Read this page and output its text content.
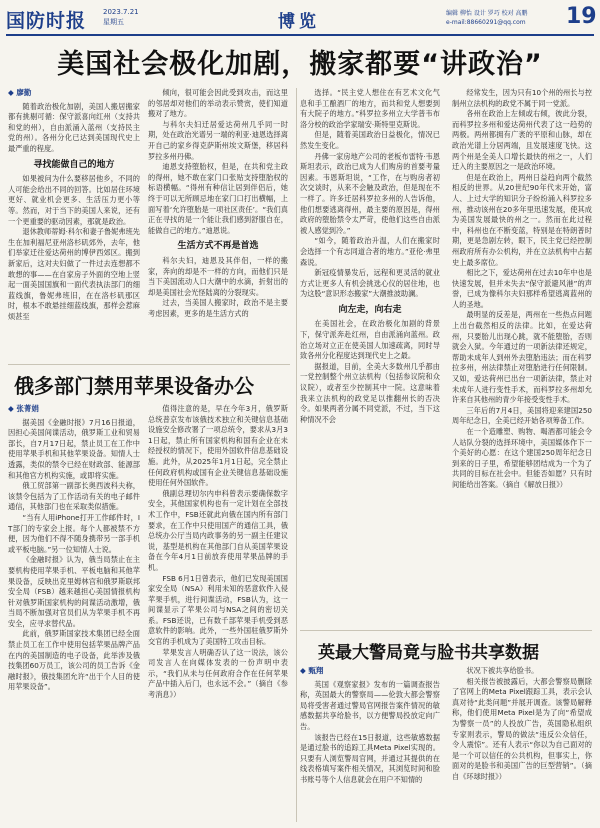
国防时报 2023.7.21
星期五	博览	编辑 柳怡 设计 罗巧 校对 高鹏
e-mail:88660291@qq.com 19
美国社会极化加剧，搬家都要“讲政治”

◆ 廖勤

随着政治极化加剧，美国人搬居搬家都有挑剔可循：保守派喜向红州（支持共和党的州），自由派涌入蓝州（支持民主党的州）。各州分化已达到美国现代史上最严重的程度。

寻找能做自己的地方

如果被问为什么要移居他乡，不同的人可能会给出不同的回答。比如居住环境更好、就业机会更多、生活压力更小等等。然而，对于当下的美国人来说，还有一个更重要的驱动因素，那就是政治。

退休教师蒂姆·科尔和妻子鲁妮弗班先生在加利福尼亚州洛杉矶郊外，去年，他们举家迁往爱达荷州的博伊西郊区。搬到新家后，这对夫妇做了一件过去连想都不敢想的事——在自家房子外面的空地上竖起一面美国国旗和一面代表执法部门的细蓝线旗，鲁妮弗班旧，在在洛杉矶那区时，根本不敢悬挂细蓝线旗，那样会惹麻烦甚至

倾向，很可能会因此受到攻击，而这里的邻居却对他们的举动表示赞赏，使们知道搬对了地方。

与科尔夫妇迁居爱达荷州几乎同一时期，处在政治光谱另一端的利亚·迪恩选择离开自己的家乡得克萨斯州埃文斯堡，移居科罗拉多州丹佛。

迪恩支持堕胎权，但是，在共和党主政的得州，她不敢在家门口张贴支持堕胎权的标语横幅。“得州有种信让居到伴侣后，她终于可以无所顾忌地在家门口打出横幅，上面写着‘允许堕胎是一项社区责任’。“我们真正在寻找的是一个能让我们感到舒服自在，能做自己的地方。”迪恩说。

生活方式不再是首选

科尔夫妇，迪恩及其伴侣，一样的搬家，奔向的却是不一样的方向，而他们只是当下美国流动人口大潮中的水滴，折射出的却是美国社会光怪陆离的分裂现实。

过去，当美国人搬家时，政治不是主要考虑因素，更多的是生活方式的

选择。“民主党人想住在有艺术文化气息和手工酿酒厂的地方，而共和党人想要到有大院子的地方。”科罗拉多州立大学普韦布洛分校的政治学家瑞安·斯特里克斯说。

但是，随着美国政治日益极化，情况已然发生变化。

丹佛一家房地产公司的老板布雷特·韦恩斯坦表示，政治已成为人们购房的首要考量因素。韦恩斯坦说，“工作，在与购房者初次交谈时，从来不会触及政治，但是现在不一样了。许多迁居科罗拉多州的人告诉他，他们想要逃离得州，最主要的原因是，得州政府的堕胎禁令太严苛，使他们这些自由派被人感觉到冷。”

“如今，随着政治升温，人们在搬家时会选择一个有志同道合者的地方。”亚伦·弗里森说。

新冠疫情暴发后，远程和更灵活的就业方式让更多人有机会挑选心仪的居住地，也为这股“意识形态搬家”大潮推波助澜。

向左走，向右走

在美国社会，在政治极化加剧的背景下，保守派奔赴红州，自由派涌向蓝州。政治立场对立正在使美国人加速疏离，同时导致各州分化程度达到现代史上之最。

据报道，目前，全美大多数州几乎都由一党控制整个州立法机构（包括参议院和众议院），或者至少控制其中一院。这意味着我来立法机构的政党足以推翻州长的否决令。如果两者分属不同党派，不过，当下这种情况不会

经常发生，因为只有10个州的州长与控制州立法机构的政党不属于同一党派。

各州在政治上左倾或右倾，彼此分裂，而科罗拉多州和爱达荷州代表了这一趋势的两极。两州都拥有广袤的平原和山脉，却在政治光谱上分居两端，且发展速度飞快。这两个州是全美人口增长最快的州之一，人们迁入的主要原因之一是政治环境。

但是在政治上，两州日益趋向两个截然相反的世界。从20世纪90年代末开始，富人、上过大学的知识分子纷纷涌入科罗拉多州，推动该州在20多年里迅速发展，使其成为美国发展最快的州之一。然而在此过程中，科州也在不断变蓝，特别是在特朗普时期，更是急剧左转，眼下，民主党已经控制州政府所有办公机构，并在立法机构中占据史上最多席位。

相比之下，爱达荷州在过去10年中也是快速发展，但并未失去“保守派避风港”的声誉，已成为像科尔夫妇那样希望逃离蓝州的人的圣地。

最明显的反差是，两州在一些热点问题上出台截然相反的法律。比如，在爱达荷州，只要胎儿出现心跳，就不能堕胎，否则就会入狱。今年通过的一项新法律还规定，帮助未成年人到州外去堕胎违法；而在科罗拉多州，州法律禁止对堕胎进行任何限制。又如，爱达荷州已出台一项新法律，禁止对未成年人进行变性手术，而科罗拉多州却允许来自其他州的青少年接受变性手术。

三年后的7月4日，美国将迎来建国250周年纪念日，全美已经开始各项筹备工作。

在一个造雕塑、购物、喝酒都可能会令人站队分裂的选择环境中，美国媒体作下一个美好的心愿：在这个建国250周年纪念日到来的日子里，希望能够团结成为一个为了共同的目标在社会中。但能否如愿？只有时间能给出答案。（摘自《解放日报》）

俄多部门禁用苹果设备办公

◆ 张菁娟

据美国《金融时报》7月16日报道，因担心美国间谍活动，俄罗斯工业和贸易部长，自7月17日起，禁止员工在工作中使用苹果手机和其他苹果设备。知情人士透露，类似的禁令已经在财政部、能源部和其他官方机构实施，或即将实施。

俄工贸部第一副部长奥西波科夫称，该禁令包括为了工作活动有关的电子邮件通信，其他部门也在采取类似措施。

“当有人用iPhone打开工作邮件时，IT部门的专家会上报。每个人都被禁不方便，因为他们不得不随身携带另一部手机或平板电脑。”另一位知情人士说。

《金融时报》认为，俄当局禁止在主要机构使用苹果手机、平板电脑和其他苹果设备，反映出克里姆林宫和俄罗斯联邦安全局（FSB）越来越担心美国情报机构针对俄罗斯国家机构的间谍活动激增，俄当局不断加强对官员们从为苹果手机不再安全，应寻求替代品。

此前，俄罗斯国家技术集团已经全面禁止员工在工作中使用包括苹果品牌产品在内的美国制造的电子设备，此举涉及俄技集团60万员工，该公司的员工告诉《金融时报》，俄技集团允许“出于个人目的使用苹果设备”。

值得注意的是，早在今年3月，俄罗斯总统普京发布该俄技术独立和关键信息基础设施安全修改署了一项总统令，要求从3月31日起，禁止所有国家机构和国有企业在未经授权的情况下，使用外国软件信息基础设施。此外，从2025年1月1日起，完全禁止任何政府机构或国有企业关键信息基础设施使用任何外国软件。

俄副总理切尔内申科曾表示要确保数字安全，其他国家机构也有一定计划在全部技术工作中，FSB还就此向俄在国内所有部门要求，在工作中只使用国产的通信工具，俄总统办公厅当局内政事务的另一副主任建议说，基型是机构在其他部门自从美国苹果设备在今年4月1日前放弃使用苹果品牌的手机。

FSB 6月1日曾表示，他们已发现美国国家安全局（NSA）利用未知的恶意软件入侵苹果手机，进行间谍活动，FSB认为，这一间谍显示了苹果公司与NSA之间的密切关系。FSB还说，已有数千部苹果手机受到恶意软件的影响。此外，一些外国驻俄罗斯外交官的手机成为了美国特工攻击目标。

苹果发言人明确否认了这一说法，该公司发言人在向媒体发表的一份声明中表示，“我们从未与任何政府合作在任何苹果产品中插入后门，也永远不会。”（摘自《参考消息》）

英最大警局竟与脸书共享数据

◆ 甄翔

英国《观察家报》发布的一篇调查报告称，英国最大的警察局——伦敦大都会警察局将受害者通过警局官网报告案件情况的敏感数据共享给脸书，以方便警局投放定向广告。

该报告已经在15日报道，这些敏感数据是通过脸书的追踪工具Meta Pixel实现的。只要有人浏览警局官网，并通过其提供的在线表格填写案件相关情况，其浏览时间和脸书账号等个人信息就会在用户不知情的

状况下被共享给脸书。

相关报告被披露后，大都会警察局删除了官网上的Meta Pixel跟踪工具，表示会认真对待“此类问题”并展开调查。该警局解释称，他们使用Meta Pixel是为了向“希望成为警察一员”的人投放广告，英国隐私组织专家则表示，警局的做法“违反公众信任，令人震惊”。还有人表示“你以为自己面对的是一个可以信任的公共机构，但事实上，你面对的是脸书和美国广告的巨型营销”。（摘自《环球时报》）
